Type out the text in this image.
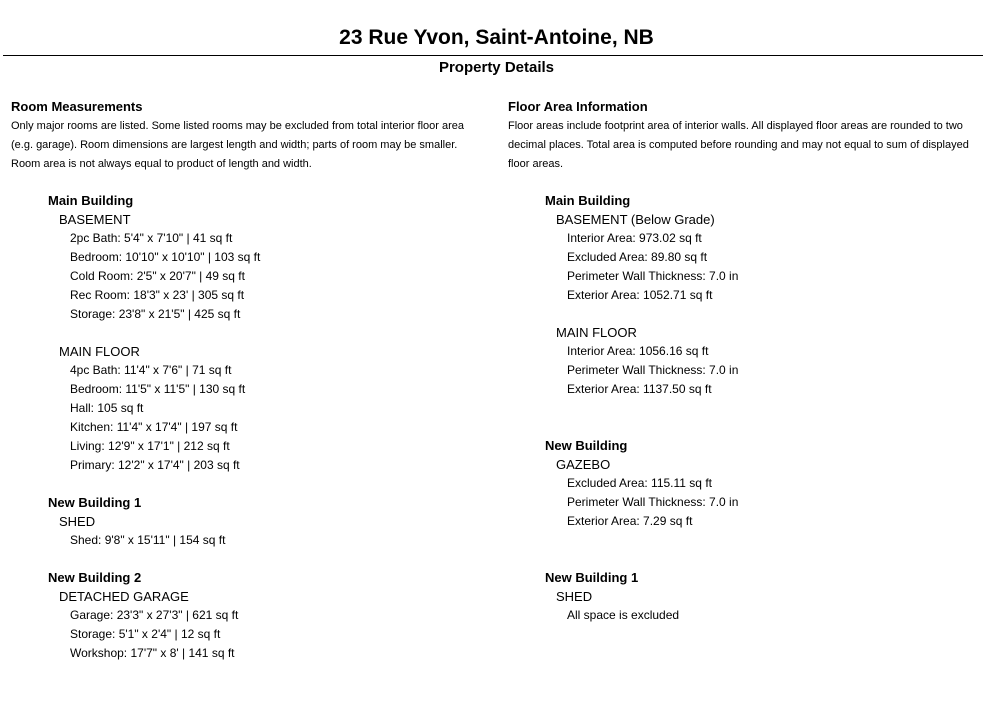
23 Rue Yvon, Saint-Antoine, NB
Property Details
Room Measurements
Only major rooms are listed. Some listed rooms may be excluded from total interior floor area (e.g. garage). Room dimensions are largest length and width; parts of room may be smaller. Room area is not always equal to product of length and width.
Main Building
BASEMENT
2pc Bath: 5'4" x 7'10" | 41 sq ft
Bedroom: 10'10" x 10'10" | 103 sq ft
Cold Room: 2'5" x 20'7" | 49 sq ft
Rec Room: 18'3" x 23' | 305 sq ft
Storage: 23'8" x 21'5" | 425 sq ft
MAIN FLOOR
4pc Bath: 11'4" x 7'6" | 71 sq ft
Bedroom: 11'5" x 11'5" | 130 sq ft
Hall: 105 sq ft
Kitchen: 11'4" x 17'4" | 197 sq ft
Living: 12'9" x 17'1" | 212 sq ft
Primary: 12'2" x 17'4" | 203 sq ft
New Building 1
SHED
Shed: 9'8" x 15'11" | 154 sq ft
New Building 2
DETACHED GARAGE
Garage: 23'3" x 27'3" | 621 sq ft
Storage: 5'1" x 2'4" | 12 sq ft
Workshop: 17'7" x 8' | 141 sq ft
Floor Area Information
Floor areas include footprint area of interior walls. All displayed floor areas are rounded to two decimal places. Total area is computed before rounding and may not equal to sum of displayed floor areas.
Main Building
BASEMENT (Below Grade)
Interior Area: 973.02 sq ft
Excluded Area: 89.80 sq ft
Perimeter Wall Thickness: 7.0 in
Exterior Area: 1052.71 sq ft
MAIN FLOOR
Interior Area: 1056.16 sq ft
Perimeter Wall Thickness: 7.0 in
Exterior Area: 1137.50 sq ft
New Building
GAZEBO
Excluded Area: 115.11 sq ft
Perimeter Wall Thickness: 7.0 in
Exterior Area: 7.29 sq ft
New Building 1
SHED
All space is excluded
